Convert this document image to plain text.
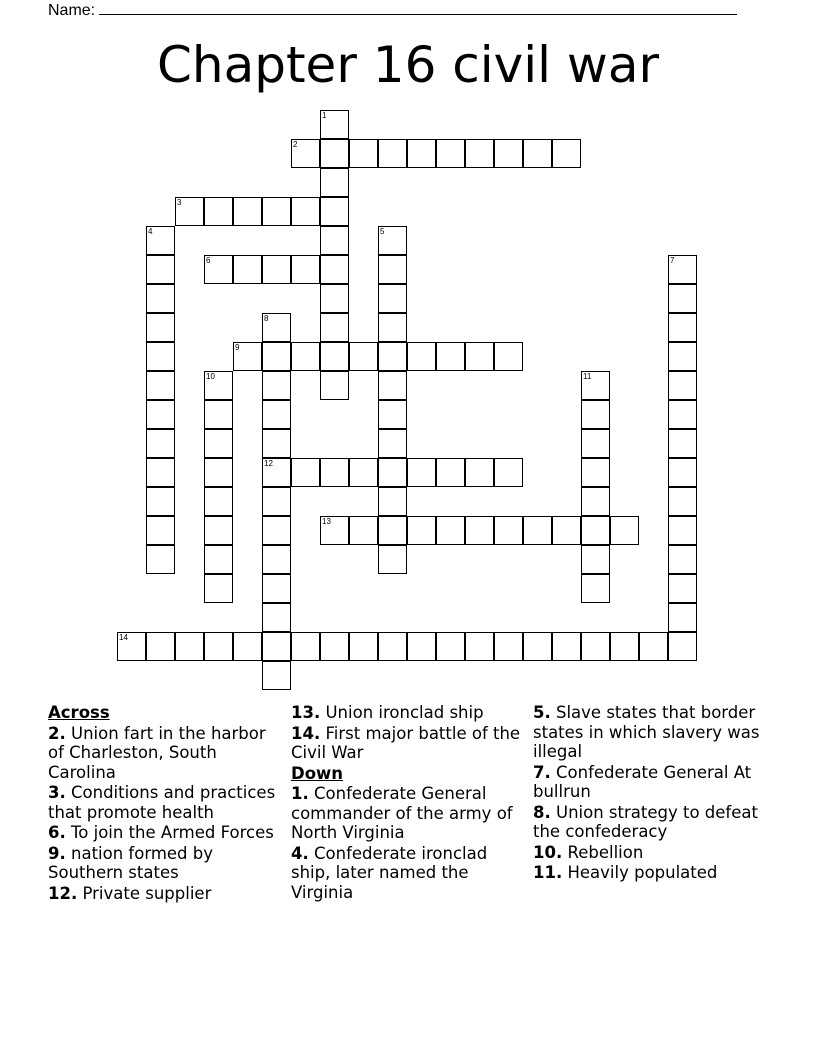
Name:
Chapter 16 civil war
1
2
3
4	5
6	7
8
9
10	11
12
13
14
Across
2. Union fart in the harbor of Charleston, South Carolina
3. Conditions and practices that promote health
6. To join the Armed Forces
9. nation formed by Southern states
12. Private supplier
13. Union ironclad ship
14. First major battle of the Civil War
Down
1. Confederate General commander of the army of North Virginia
4. Confederate ironclad ship, later named the Virginia
5. Slave states that border states in which slavery was illegal
7. Confederate General At bullrun
8. Union strategy to defeat the confederacy
10. Rebellion
11. Heavily populated
